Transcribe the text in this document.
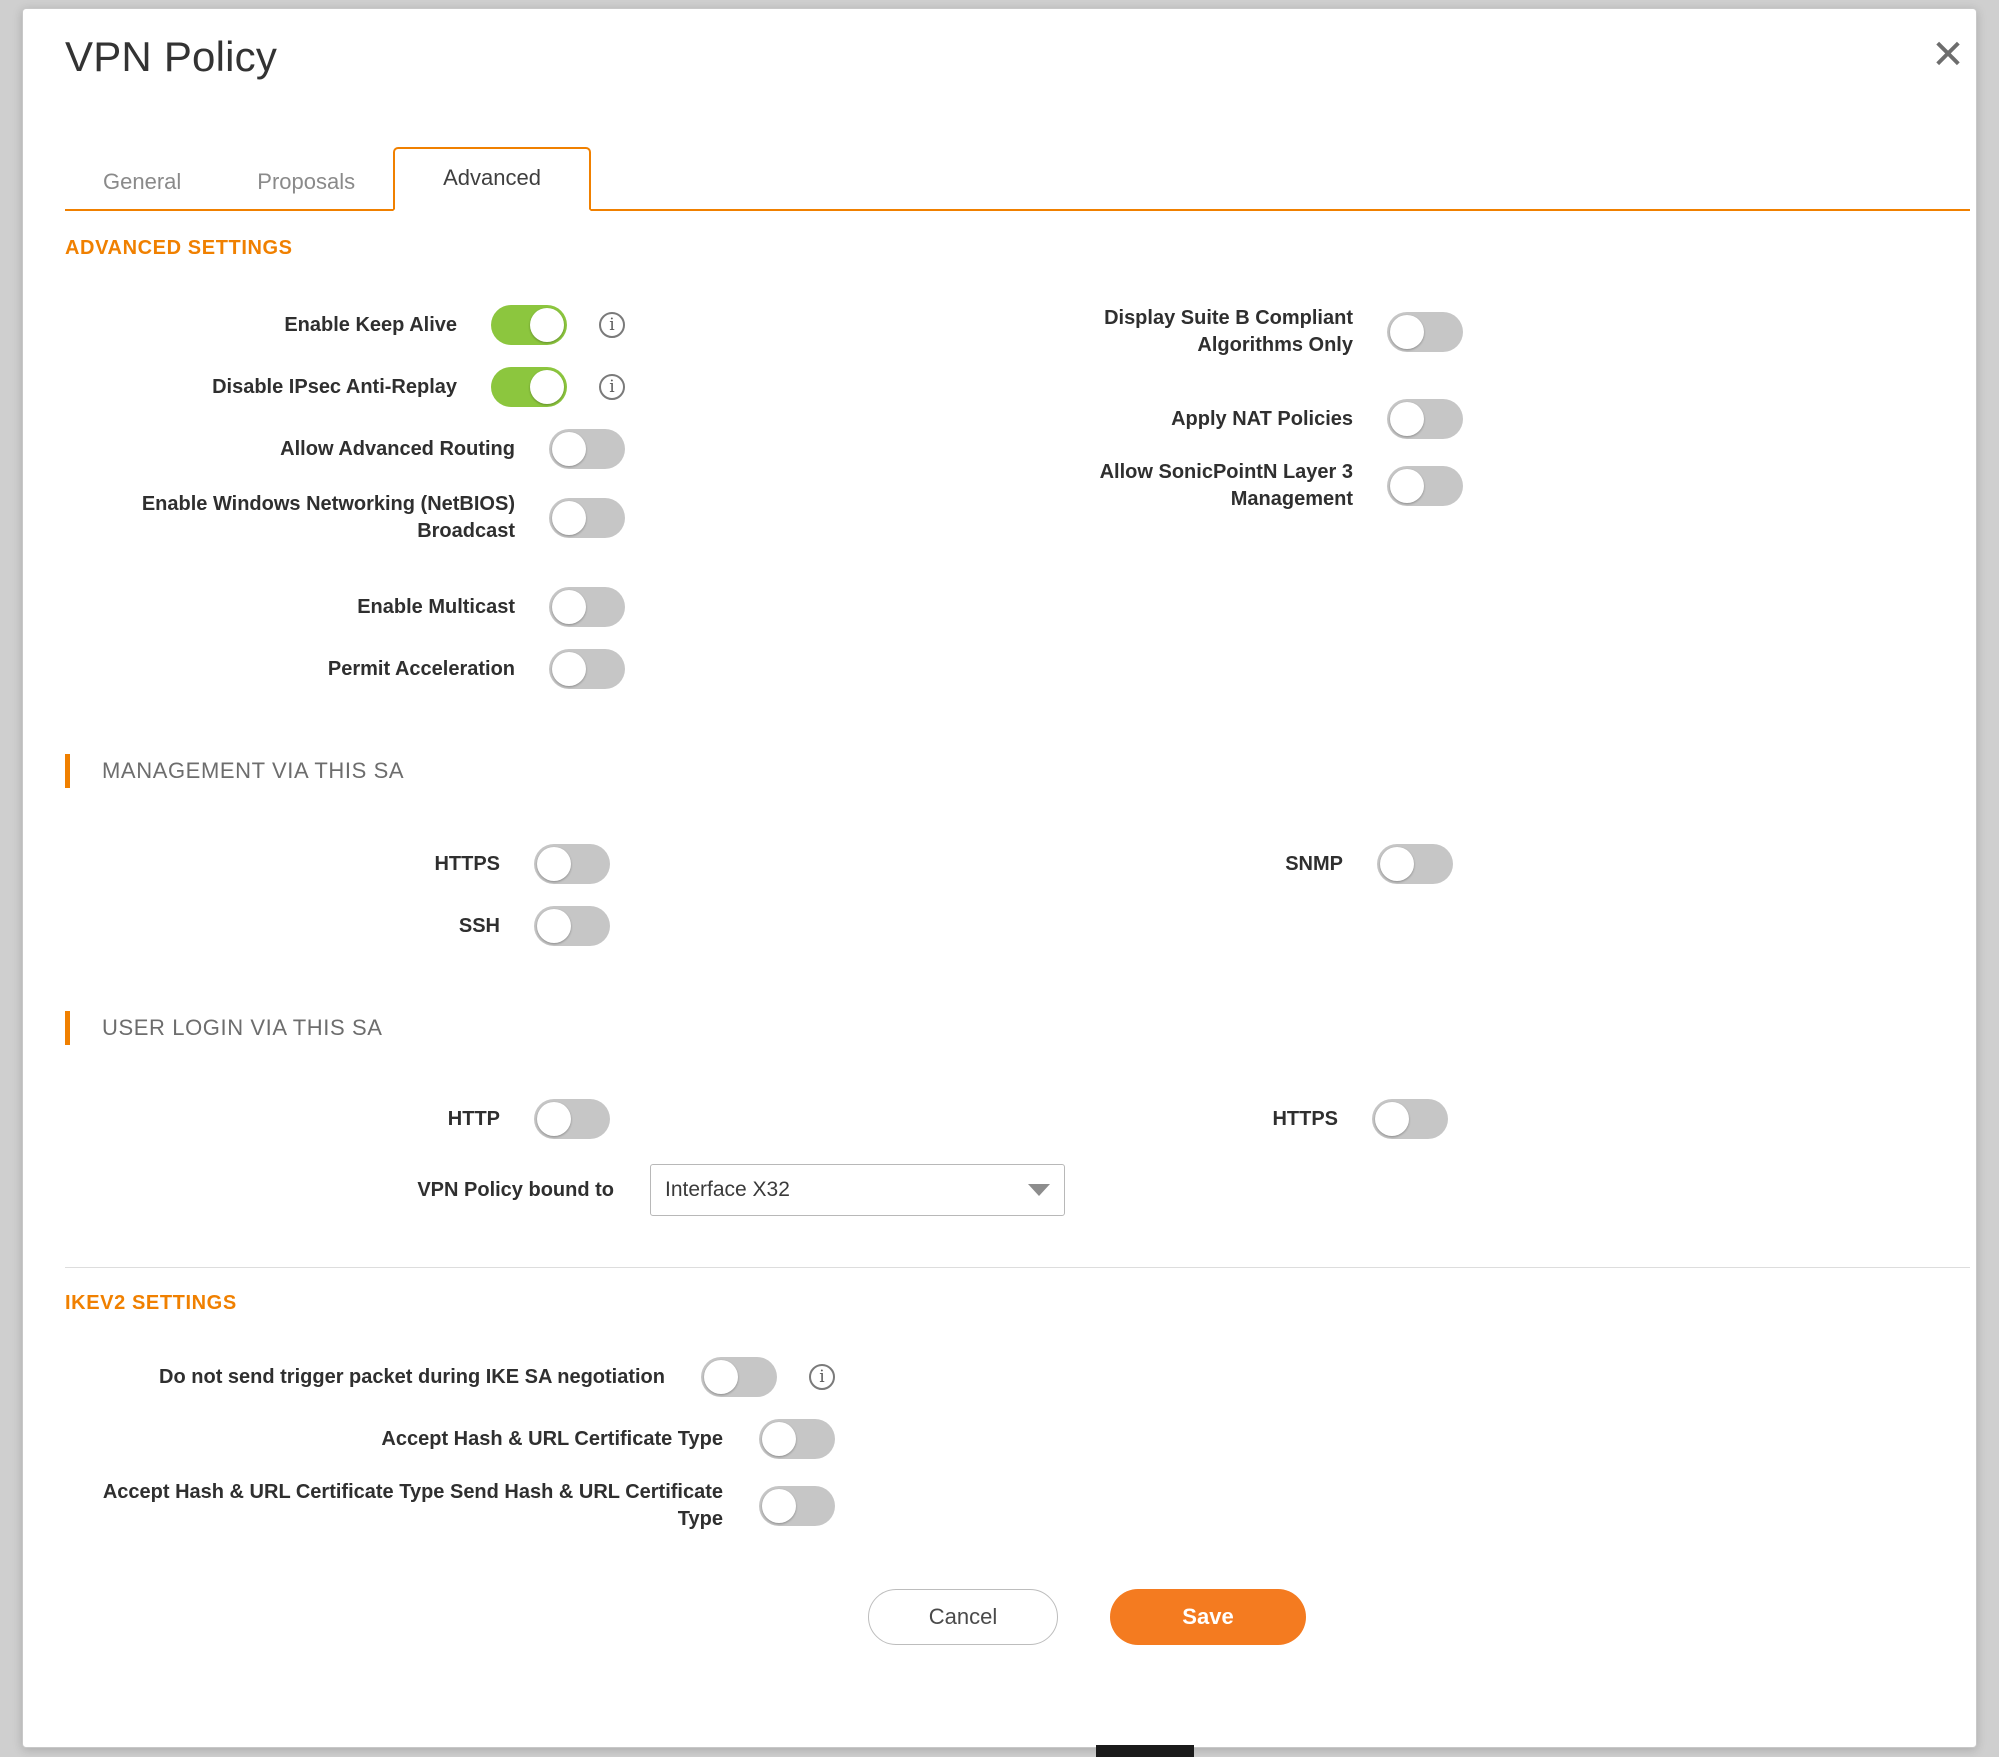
VPN Policy	✕
General	Proposals	Advanced
ADVANCED SETTINGS
Enable Keep Alive	i
Disable IPsec Anti-Replay	i
Allow Advanced Routing
Enable Windows Networking (NetBIOS) Broadcast
Enable Multicast
Permit Acceleration
Display Suite B Compliant Algorithms Only
Apply NAT Policies
Allow SonicPointN Layer 3 Management
MANAGEMENT VIA THIS SA
HTTPS
SSH
SNMP
USER LOGIN VIA THIS SA
HTTP	HTTPS
VPN Policy bound to Interface X32
IKEV2 SETTINGS
Do not send trigger packet during IKE SA negotiation	i
Accept Hash & URL Certificate Type
Accept Hash & URL Certificate Type Send Hash & URL Certificate Type
Cancel	Save
